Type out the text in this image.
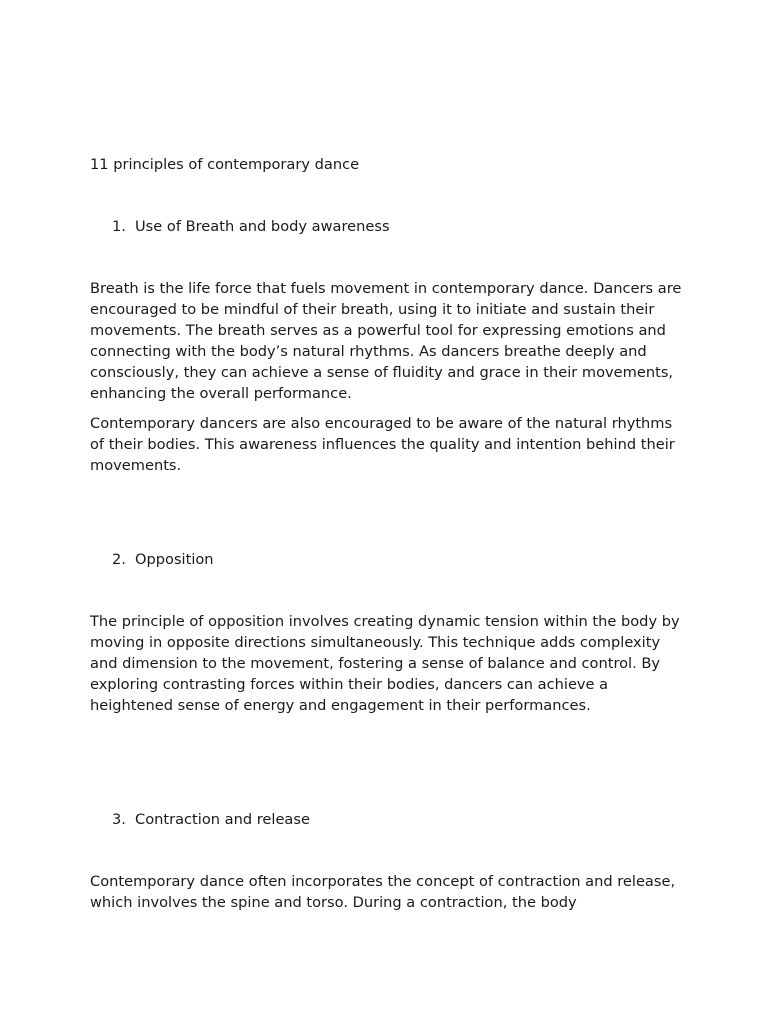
11 principles of contemporary dance
1. Use of Breath and body awareness

Breath is the life force that fuels movement in contemporary dance. Dancers are encouraged to be mindful of their breath, using it to initiate and sustain their movements. The breath serves as a powerful tool for expressing emotions and connecting with the body’s natural rhythms. As dancers breathe deeply and consciously, they can achieve a sense of fluidity and grace in their movements, enhancing the overall performance.

Contemporary dancers are also encouraged to be aware of the natural rhythms of their bodies. This awareness influences the quality and intention behind their movements.

2. Opposition

The principle of opposition involves creating dynamic tension within the body by moving in opposite directions simultaneously. This technique adds complexity and dimension to the movement, fostering a sense of balance and control. By exploring contrasting forces within their bodies, dancers can achieve a heightened sense of energy and engagement in their performances.

3. Contraction and release

Contemporary dance often incorporates the concept of contraction and release, which involves the spine and torso. During a contraction, the body
